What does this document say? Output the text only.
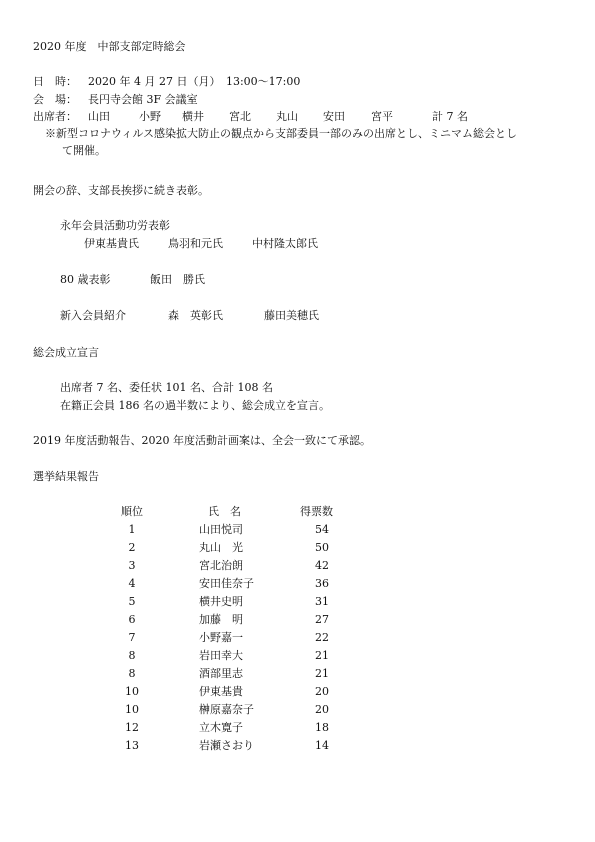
2020 年度　中部支部定時総会
日　時： 2020 年 4 月 27 日（月）　13:00～17:00
会　場： 長円寺会館 3F 会議室
出席者： 山田	小野 横井 宮北 丸山 安田 宮平	計 7 名
※新型コロナウィルス感染拡大防止の観点から支部委員一部のみの出席とし、ミニマム総会とし
て開催。
開会の辞、支部長挨拶に続き表彰。
永年会員活動功労表彰
伊東基貴氏	鳥羽和元氏	中村隆太郎氏
80 歳表彰	飯田　勝氏
新入会員紹介	森　英彰氏	藤田美穂氏
総会成立宣言
出席者 7 名、委任状 101 名、合計 108 名
在籍正会員 186 名の過半数により、総会成立を宣言。
2019 年度活動報告、2020 年度活動計画案は、全会一致にて承認。
選挙結果報告
順位	氏　名	得票数
1	山田悦司	54
2	丸山　光	50
3	宮北治朗	42
4	安田佳奈子	36
5	横井史明	31
6	加藤　明	27
7	小野嘉一	22
8	岩田幸大	21
8	酒部里志	21
10	伊東基貴	20
10	榊原嘉奈子	20
12	立木寛子	18
13	岩瀬さおり	14
